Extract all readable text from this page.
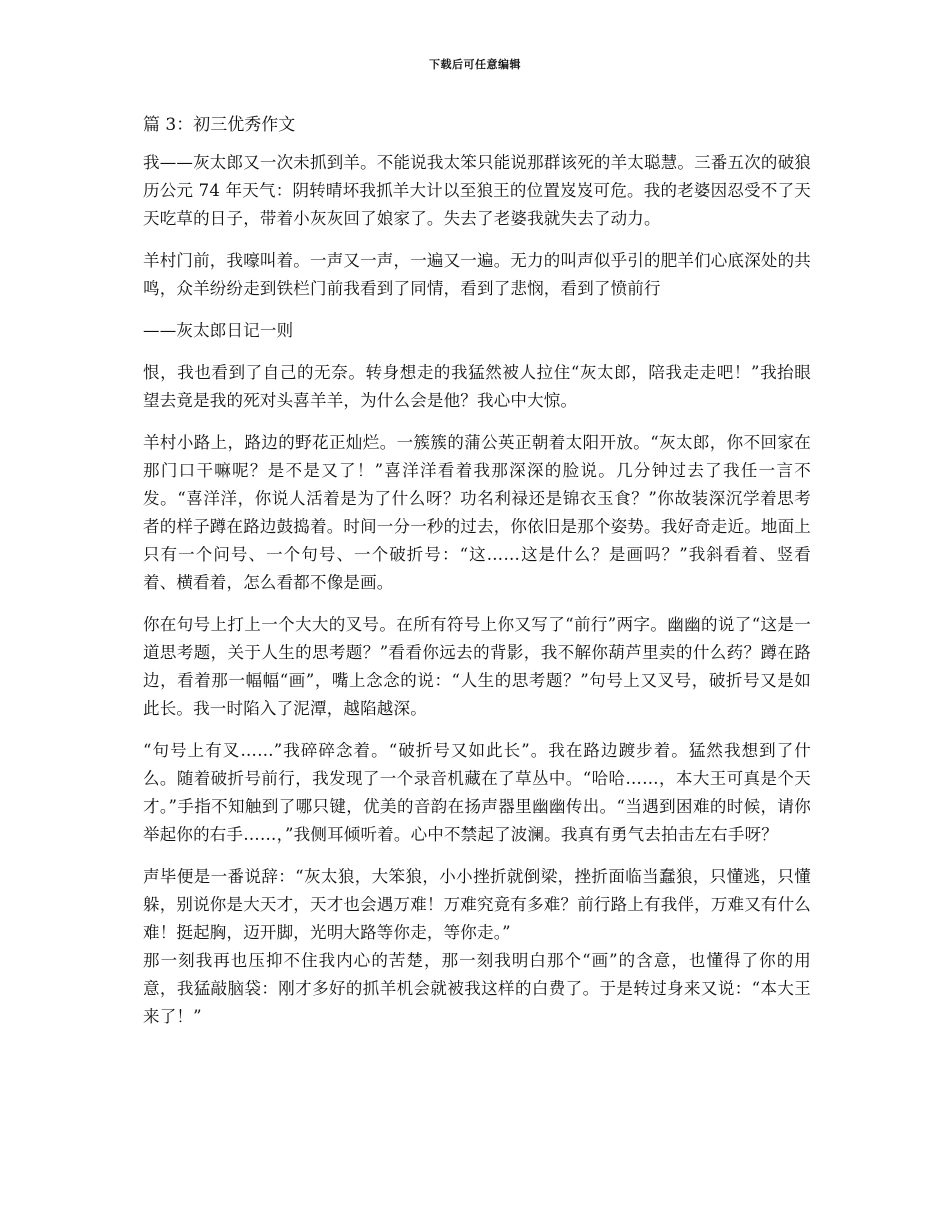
下载后可任意编辑
篇 3：初三优秀作文

我——灰太郎又一次未抓到羊。不能说我太笨只能说那群该死的羊太聪慧。三番五次的破狼历公元 74 年天气：阴转晴坏我抓羊大计以至狼王的位置岌岌可危。我的老婆因忍受不了天天吃草的日子，带着小灰灰回了娘家了。失去了老婆我就失去了动力。

羊村门前，我嚎叫着。一声又一声，一遍又一遍。无力的叫声似乎引的肥羊们心底深处的共鸣，众羊纷纷走到铁栏门前我看到了同情，看到了悲悯，看到了愤前行

——灰太郎日记一则

恨，我也看到了自己的无奈。转身想走的我猛然被人拉住“灰太郎，陪我走走吧！”我抬眼望去竟是我的死对头喜羊羊，为什么会是他？我心中大惊。

羊村小路上，路边的野花正灿烂。一簇簇的蒲公英正朝着太阳开放。“灰太郎，你不回家在那门口干嘛呢？是不是又了！”喜洋洋看着我那深深的脸说。几分钟过去了我任一言不发。“喜洋洋，你说人活着是为了什么呀？功名利禄还是锦衣玉食？”你故装深沉学着思考者的样子蹲在路边鼓捣着。时间一分一秒的过去，你依旧是那个姿势。我好奇走近。地面上只有一个问号、一个句号、一个破折号：“这……这是什么？是画吗？”我斜看着、竖看着、横看着，怎么看都不像是画。

你在句号上打上一个大大的叉号。在所有符号上你又写了“前行”两字。幽幽的说了“这是一道思考题，关于人生的思考题？”看看你远去的背影，我不解你葫芦里卖的什么药？蹲在路边，看着那一幅幅“画”，嘴上念念的说：“人生的思考题？”句号上又叉号，破折号又是如此长。我一时陷入了泥潭，越陷越深。

“句号上有叉……”我碎碎念着。“破折号又如此长”。我在路边踱步着。猛然我想到了什么。随着破折号前行，我发现了一个录音机藏在了草丛中。“哈哈……，本大王可真是个天才。”手指不知触到了哪只键，优美的音韵在扬声器里幽幽传出。“当遇到困难的时候，请你举起你的右手……，”我侧耳倾听着。心中不禁起了波澜。我真有勇气去拍击左右手呀？

声毕便是一番说辞：“灰太狼，大笨狼，小小挫折就倒梁，挫折面临当蠢狼，只懂逃，只懂躲，别说你是大天才，天才也会遇万难！万难究竟有多难？前行路上有我伴，万难又有什么难！挺起胸，迈开脚，光明大路等你走，等你走。”

那一刻我再也压抑不住我内心的苦楚，那一刻我明白那个“画”的含意，也懂得了你的用意，我猛敲脑袋：刚才多好的抓羊机会就被我这样的白费了。于是转过身来又说：“本大王来了！”
